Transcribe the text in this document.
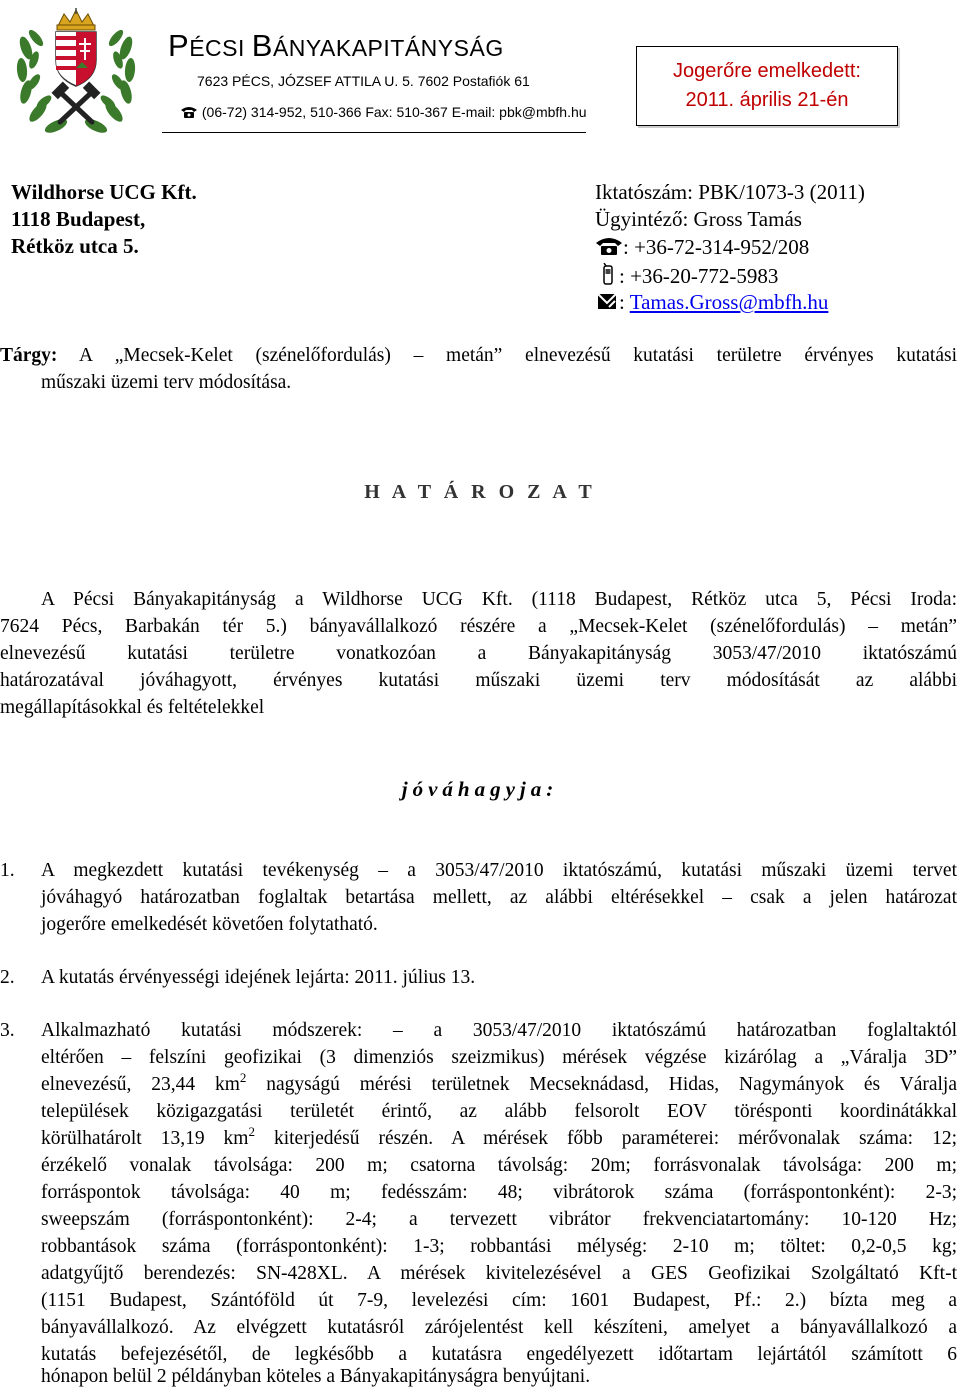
PÉCSI BÁNYAKAPITÁNYSÁG
7623 PÉCS, JÓZSEF ATTILA U. 5. 7602 Postafiók 61
(06-72) 314-952, 510-366 Fax: 510-367 E-mail: pbk@mbfh.hu
Jogerőre emelkedett:
2011. április 21-én
Wildhorse UCG Kft.
1118 Budapest,
Rétköz utca 5.
Iktatószám: PBK/1073-3 (2011)
Ügyintéző: Gross Tamás
: +36-72-314-952/208
: +36-20-772-5983
: Tamas.Gross@mbfh.hu
Tárgy: A „Mecsek-Kelet (szénelőfordulás) – metán” elnevezésű kutatási területre érvényes kutatási
műszaki üzemi terv módosítása.
H A T Á R O Z A T
A Pécsi Bányakapitányság a Wildhorse UCG Kft. (1118 Budapest, Rétköz utca 5, Pécsi Iroda:
7624 Pécs, Barbakán tér 5.) bányavállalkozó részére a „Mecsek-Kelet (szénelőfordulás) – metán”
elnevezésű kutatási területre vonatkozóan a Bányakapitányság 3053/47/2010 iktatószámú
határozatával jóváhagyott, érvényes kutatási műszaki üzemi terv módosítását az alábbi
megállapításokkal és feltételekkel
jóváhagyja:
1. A megkezdett kutatási tevékenység – a 3053/47/2010 iktatószámú, kutatási műszaki üzemi tervet
jóváhagyó határozatban foglaltak betartása mellett, az alábbi eltérésekkel – csak a jelen határozat
jogerőre emelkedését követően folytatható.
2. A kutatás érvényességi idejének lejárta: 2011. július 13.
3. Alkalmazható kutatási módszerek: – a 3053/47/2010 iktatószámú határozatban foglaltaktól
eltérően – felszíni geofizikai (3 dimenziós szeizmikus) mérések végzése kizárólag a „Váralja 3D”
elnevezésű, 23,44 $km^2$ nagyságú mérési területnek Mecseknádasd, Hidas, Nagymányok és Váralja
települések közigazgatási területét érintő, az alább felsorolt EOV törésponti koordinátákkal
körülhatárolt 13,19 $km^2$ kiterjedésű részén. A mérések főbb paraméterei: mérővonalak száma: 12;
érzékelő vonalak távolsága: 200 m; csatorna távolság: 20m; forrásvonalak távolsága: 200 m;
forráspontok távolsága: 40 m; fedésszám: 48; vibrátorok száma (forráspontonként): 2-3;
sweepszám (forráspontonként): 2-4; a tervezett vibrátor frekvenciatartomány: 10-120 Hz;
robbantások száma (forráspontonként): 1-3; robbantási mélység: 2-10 m; töltet: 0,2-0,5 kg;
adatgyűjtő berendezés: SN-428XL. A mérések kivitelezésével a GES Geofizikai Szolgáltató Kft-t
(1151 Budapest, Szántóföld út 7-9, levelezési cím: 1601 Budapest, Pf.: 2.) bízta meg a
bányavállalkozó. Az elvégzett kutatásról zárójelentést kell készíteni, amelyet a bányavállalkozó a
kutatás befejezésétől, de legkésőbb a kutatásra engedélyezett időtartam lejártától számított 6
hónapon belül 2 példányban köteles a Bányakapitányságra benyújtani.
